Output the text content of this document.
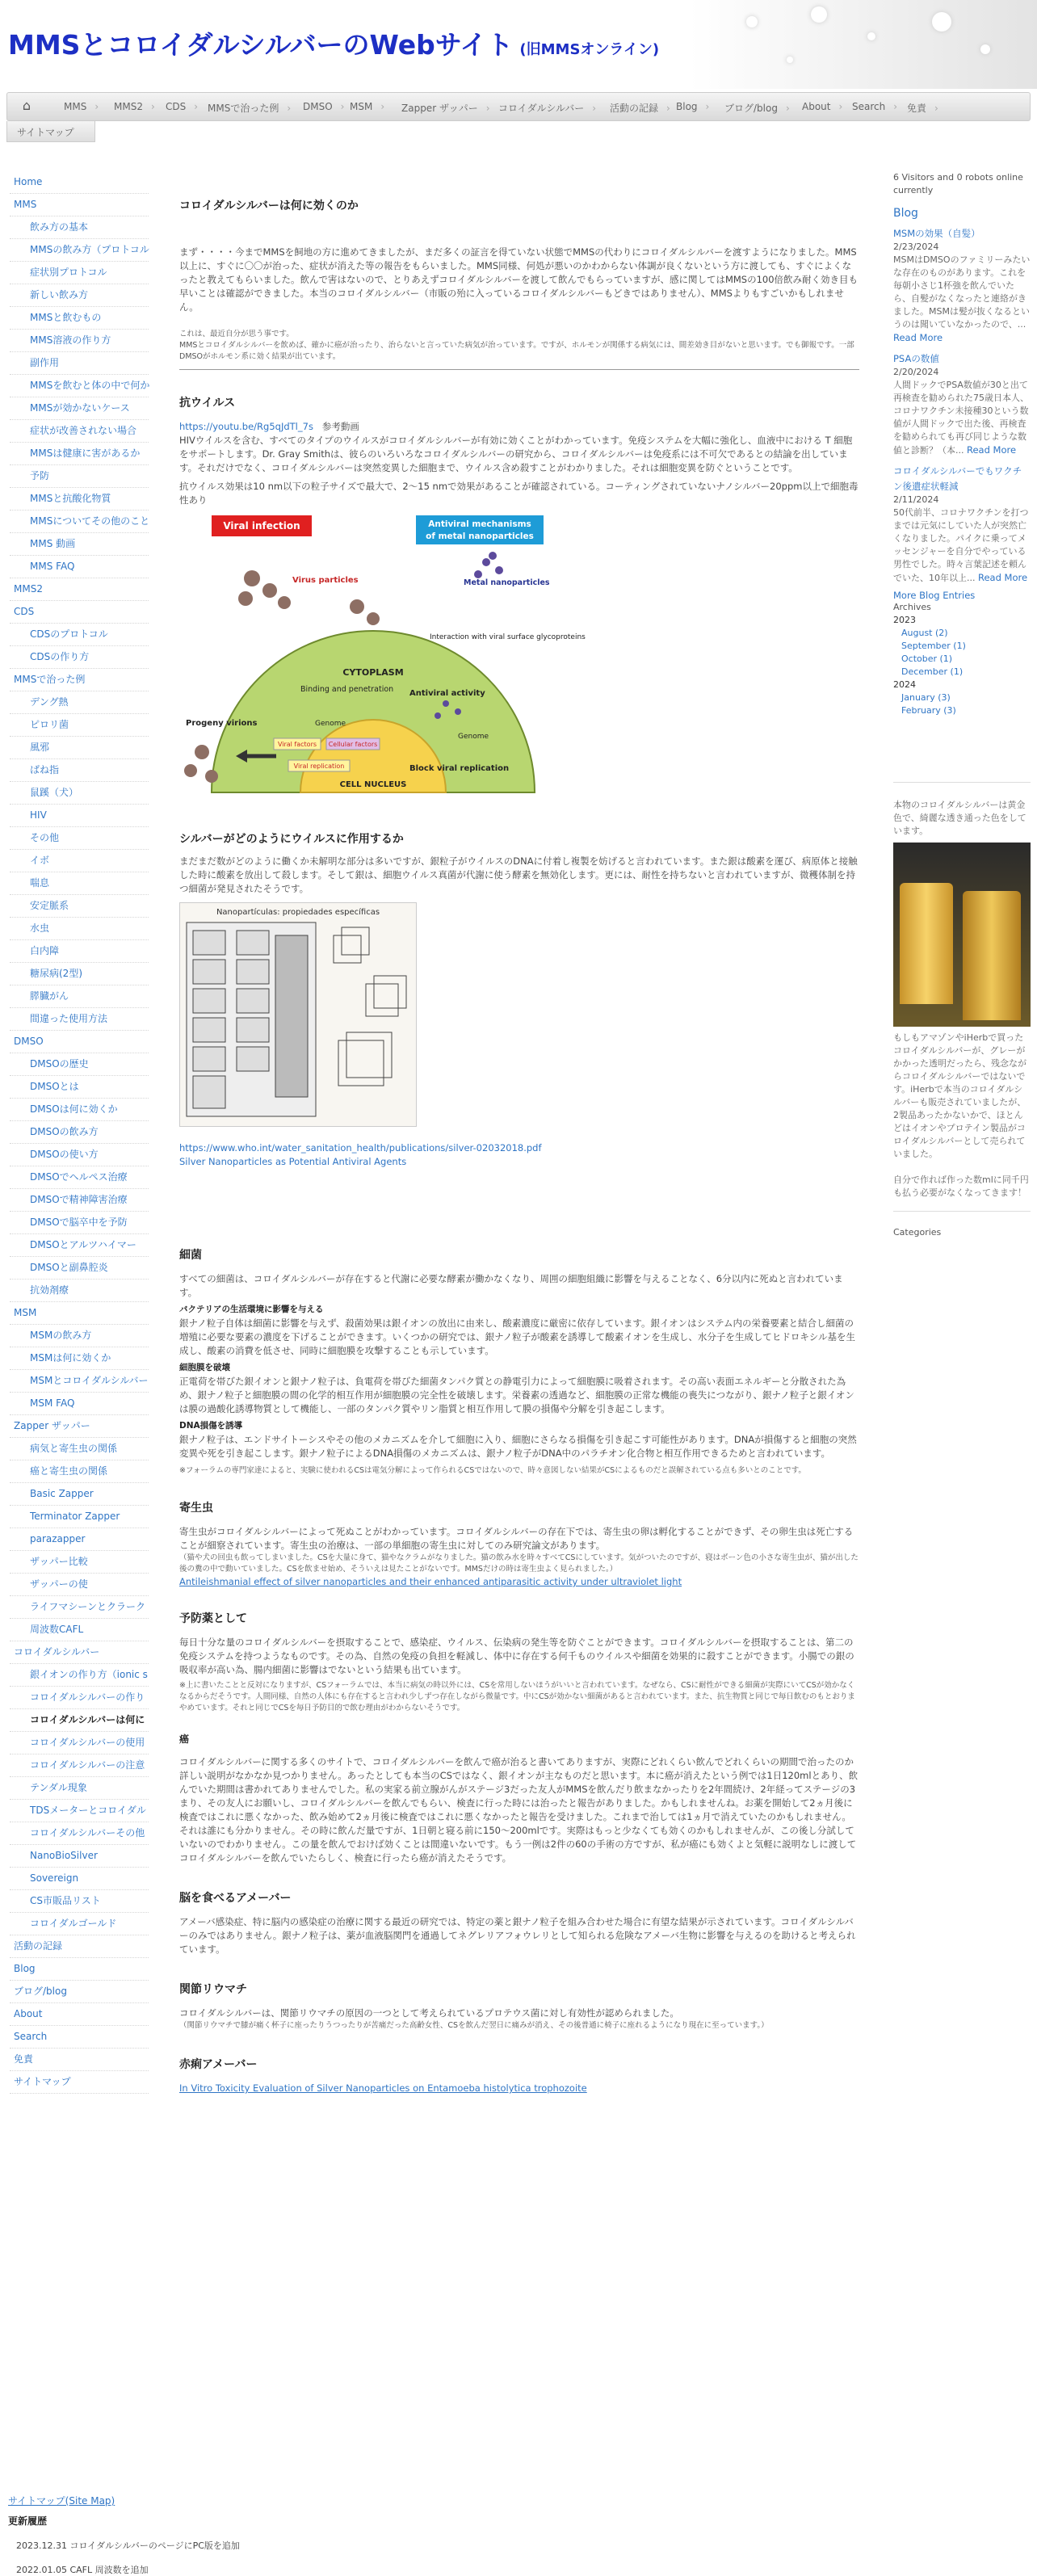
MMSとコロイダルシルバーのWebサイト (旧MMSオンライン)
⌂	MMS ›	MMS2 ›	CDS ›	MMSで治った例 ›	DMSO ›	MSM ›	Zapper ザッパー ›	コロイダルシルバー ›	活動の記録 ›	Blog ›	ブログ/blog ›	About ›	Search ›	免責 ›
サイトマップ
Home
MMS
飲み方の基本
MMSの飲み方（プロトコル
症状別プロトコル
新しい飲み方
MMSと飲むもの
MMS溶液の作り方
副作用
MMSを飲むと体の中で何か
MMSが効かないケース
症状が改善されない場合
MMSは健康に害があるか
予防
MMSと抗酸化物質
MMSについてその他のこと
MMS 動画
MMS FAQ
MMS2
CDS
CDSのプロトコル
CDSの作り方
MMSで治った例
デング熱
ピロリ菌
風邪
ばね指
鼠蹊（犬）
HIV
その他
イボ
喘息
安定脈系
水虫
白内障
糖尿病(2型)
膵臓がん
間違った使用方法
DMSO
DMSOの歴史
DMSOとは
DMSOは何に効くか
DMSOの飲み方
DMSOの使い方
DMSOでヘルペス治療
DMSOで精神障害治療
DMSOで脳卒中を予防
DMSOとアルツハイマー
DMSOと副鼻腔炎
抗効剤療
MSM
MSMの飲み方
MSMは何に効くか
MSMとコロイダルシルバー
MSM FAQ
Zapper ザッパー
病気と寄生虫の関係
癌と寄生虫の関係
Basic Zapper
Terminator Zapper
parazapper
ザッパー比較
ザッパーの使
ライフマシーンとクラーク
周波数CAFL
コロイダルシルバー
銀イオンの作り方（ionic s
コロイダルシルバーの作り
コロイダルシルバーは何に
コロイダルシルバーの使用
コロイダルシルバーの注意
テンダル現象
TDSメーターとコロイダル
コロイダルシルバーその他
NanoBioSilver
Sovereign
CS市販品リスト
コロイダルゴールド
活動の記録
Blog
ブログ/blog
About
Search
免責
サイトマップ
コロイダルシルバーは何に効くのか

まず・・・・今までMMSを飼地の方に進めてきましたが、まだ多くの証言を得ていない状態でMMSの代わりにコロイダルシルバーを渡すようになりました。MMS以上に、すぐに〇〇が治った、症状が消えた等の報告をもらいました。MMS同様、何処が悪いのかわからない体調が良くないという方に渡しても、すぐによくなったと教えてもらいました。飲んで害はないので、とりあえずコロイダルシルバーを渡して飲んでもらっていますが、感に関してはMMSの100倍飲み耐く効き目も早いことは確認ができました。本当のコロイダルシルバー（市販の殆に入っているコロイダルシルバーもどきではありません）、MMSよりもすごいかもしれません。

これは、最近自分が思う事です。
MMSとコロイダルシルバーを飲めば、確かに癌が治ったり、治らないと言っていた病気が治っています。ですが、ホルモンが関係する病気には、間差効き目がないと思います。でも御報です。一部DMSOがホルモン系に効く結果が出ています。

抗ウイルス

https://youtu.be/Rg5qJdTl_7s 参考動画

HIVウイルスを含む、すべてのタイプのウイルスがコロイダルシルバーが有効に効くことがわかっています。免疫システムを大幅に強化し、血液中における T 細胞をサポートします。Dr. Gray Smithは、彼らのいろいろなコロイダルシルバーの研究から、コロイダルシルバーは免疫系には不可欠であるとの結論を出しています。それだけでなく、コロイダルシルバーは突然変異した細胞まで、ウイルス含め殺すことがわかりました。それは細胞変異を防ぐということです。

抗ウイルス効果は10 nm以下の粒子サイズで最大で、2〜15 nmで効果があることが確認されている。コーティングされていないナノシルバー20ppm以上で細胞毒性あり

Viral infection	Antiviral mechanisms
of metal nanoparticles
CYTOPLASM
CELL NUCLEUS
Virus particles	Metal nanoparticles
Interaction with viral surface glycoproteins
Binding and penetration Antiviral activity
Progeny virions	Genome
Genome
Viral factors Cellular factors
Viral replication	Block viral replication
シルバーがどのようにウイルスに作用するか

まだまだ数がどのように働くか未解明な部分は多いですが、銀粒子がウイルスのDNAに付着し複製を妨げると言われています。また銀は酸素を運び、病原体と接触した時に酸素を放出して殺します。そして銀は、細胞ウイルス真菌が代謝に使う酵素を無効化します。更には、耐性を持ちないと言われていますが、微穫体制を持つ細菌が発見されたそうです。

Nanopartículas: propiedades específicas

https://www.who.int/water_sanitation_health/publications/silver-02032018.pdf

Silver Nanoparticles as Potential Antiviral Agents

細菌

すべての細菌は、コロイダルシルバーが存在すると代謝に必要な酵素が働かなくなり、周囲の細胞組織に影響を与えることなく、6分以内に死ぬと言われています。

バクテリアの生活環境に影響を与える

銀ナノ粒子自体は細菌に影響を与えず、殺菌効果は銀イオンの放出に由来し、酸素濃度に厳密に依存しています。銀イオンはシステム内の栄養要素と結合し細菌の増殖に必要な要素の濃度を下げることができます。いくつかの研究では、銀ナノ粒子が酸素を誘導して酸素イオンを生成し、水分子を生成してヒドロキシル基を生成し、酸素の消費を低させ、同時に細胞膜を攻撃することも示しています。

細胞膜を破壊

正電荷を帯びた銀イオンと銀ナノ粒子は、負電荷を帯びた細菌タンパク質との静電引力によって細胞膜に吸着されます。その高い表面エネルギーと分散された為め、銀ナノ粒子と細胞膜の間の化学的相互作用が細胞膜の完全性を破壊します。栄養素の透過など、細胞膜の正常な機能の喪失につながり、銀ナノ粒子と銀イオンは膜の過酸化誘導物質として機能し、一部のタンパク質やリン脂質と相互作用して膜の損傷や分解を引き起こします。

DNA損傷を誘導

銀ナノ粒子は、エンドサイトーシスやその他のメカニズムを介して細胞に入り、細胞にさらなる損傷を引き起こす可能性があります。DNAが損傷すると細胞の突然変異や死を引き起こします。銀ナノ粒子によるDNA損傷のメカニズムは、銀ナノ粒子がDNA中のパラチオン化合物と相互作用できるためと言われています。

※フォーラムの専門家達によると、実験に使われるCSは電気分解によって作られるCSではないので、時々意図しない結果がCSによるものだと誤解されている点も多いとのことです。

寄生虫

寄生虫がコロイダルシルバーによって死ぬことがわかっています。コロイダルシルバーの存在下では、寄生虫の卵は孵化することができず、その卵生虫は死亡することが細察されています。寄生虫の治療は、一部の単細胞の寄生虫に対してのみ研究論文があります。

（猫や犬の回虫も飲ってしまいました。CSを大量に身て、猫やなクラムがなりました。猫の飲み水を時々すべてCSにしています。気がついたのですが、寝はボーン色の小さな寄生虫が、猫が出した後の糞の中で動いていました。CSを飲ませ始め、そういえは見たことがないです。MMSだけの時は寄生虫よく見られました。）

Antileishmanial effect of silver nanoparticles and their enhanced antiparasitic activity under ultraviolet light

予防薬として

毎日十分な量のコロイダルシルバーを摂取することで、感染症、ウイルス、伝染病の発生等を防ぐことができます。コロイダルシルバーを摂取することは、第二の免疫システムを持つようなものです。その為、自然の免疫の負担を軽減し、体中に存在する何千ものウイルスや細菌を効果的に殺すことができます。小腸での銀の吸収率が高い為、腸内細菌に影響はでないという結果も出ています。

※上に書いたことと反対になりますが、CSフォーラムでは、本当に病気の時以外には、CSを常用しないほうがいいと言われています。なぜなら、CSに耐性ができる細菌が実際にいてCSが効かなくなるからだそうです。人間同様、自然の人体にも存在すると言われ少しずつ存在しながら微量です。中にCSが効かない細菌があると言われています。また、抗生物質と同じで毎日飲むのもとおりまやめています。それと同じでCSを毎日予防目的で飲む理由がわからないそうです。

癌

コロイダルシルバーに関する多くのサイトで、コロイダルシルバーを飲んで癌が治ると書いてありますが、実際にどれくらい飲んでどれくらいの期間で治ったのか詳しい説明がなかなか見つかりません。あったとしても本当のCSではなく、銀イオンが主なものだと思います。本に癌が消えたという例では1日120mlとあり、飲んでいた期間は書かれてありませんでした。私の実家る前立腺がんがステージ3だった友人がMMSを飲んだり飲まなかったりを2年間続け、2年経ってステージの3まり、その友人にお願いし、コロイダルシルバーを飲んでもらい、検査に行った時には治ったと報告がありました。かもしれませんね。お薬を開始して2ヵ月後に検査ではこれに悪くなかった、飲み始めて2ヵ月後に検査ではこれに悪くなかったと報告を受けました。これまで治しては1ヵ月で消えていたのかもしれません。それは誰にも分かりません。その時に飲んだ量ですが、1日朝と寝る前に150〜200mlです。実際はもっと少なくても効くのかもしれませんが、この後し分試していないのでわかりません。この量を飲んでおけば効くことは間違いないです。もう一例は2件の60の手術の方ですが、私が癌にも効くよと気軽に説明なしに渡してコロイダルシルバーを飲んでいたらしく、検査に行ったら癌が消えたそうです。

脳を食べるアメーバー

アメーバ感染症、特に脳内の感染症の治療に関する最近の研究では、特定の薬と銀ナノ粒子を組み合わせた場合に有望な結果が示されています。コロイダルシルバーのみではありません。銀ナノ粒子は、薬が血液脳関門を通過してネグレリアフォウレリとして知られる危険なアメーバ生物に影響を与えるのを助けると考えられています。

関節リウマチ

コロイダルシルバーは、関節リウマチの原因の一つとして考えられているプロテウス菌に対し有効性が認められました。

（関節リウマチで膝が痛く杯子に座ったりうつったりが苦痛だった高齢女性、CSを飲んだ翌日に痛みが消え、その後普通に椅子に座れるようになり現在に至っています。）

赤痢アメーバー

In Vitro Toxicity Evaluation of Silver Nanoparticles on Entamoeba histolytica trophozoite

6 Visitors and 0 robots online currently

Blog
MSMの効果（自髪）

2/23/2024

MSMはDMSOのファミリーみたいな存在のものがあります。これを毎朝小さじ1杯強を飲んでいたら、自髪がなくなったと連絡がきました。MSMは髪が抜くなるというのは聞いていなかったので、... Read More

PSAの数値

2/20/2024

人間ドックでPSA数値が30と出て再検査を勧められた75歳日本人、コロナワクチン未接種30という数値が人間ドックで出た後、再検査を勧められても再び同じような数値と診断？（本... Read More

コロイダルシルバーでもワクチン後遺症状軽減

2/11/2024

50代前半、コロナワクチンを打つまでは元気にしていた人が突然亡くなりました。パイクに乗ってメッセンジャーを自分でやっている男性でした。時々言葉記述を頼んでいた、10年以上... Read More

More Blog Entries

Archives

2023

August (2)
September (1)
October (1)
December (1)

2024

January (3)
February (3)

本物のコロイダルシルバーは黄金色で、綺麗な透き通った色をしています。

もしもアマゾンやiHerbで買ったコロイダルシルバーが、グレーがかかった透明だったら、残念ながらコロイダルシルバーではないです。iHerbで本当のコロイダルシルバーも販売されていましたが、2製品あったかないかで、ほとんどはイオンやプロテイン製品がコロイダルシルバーとして売られていました。

自分で作れば作った数mlに同千円も払う必要がなくなってきます！

Categories

サイトマップ(Site Map)

更新履歴

2023.12.31 コロイダルシルバーのページにPC版を追加

2022.01.05 CAFL 周波数を追加
